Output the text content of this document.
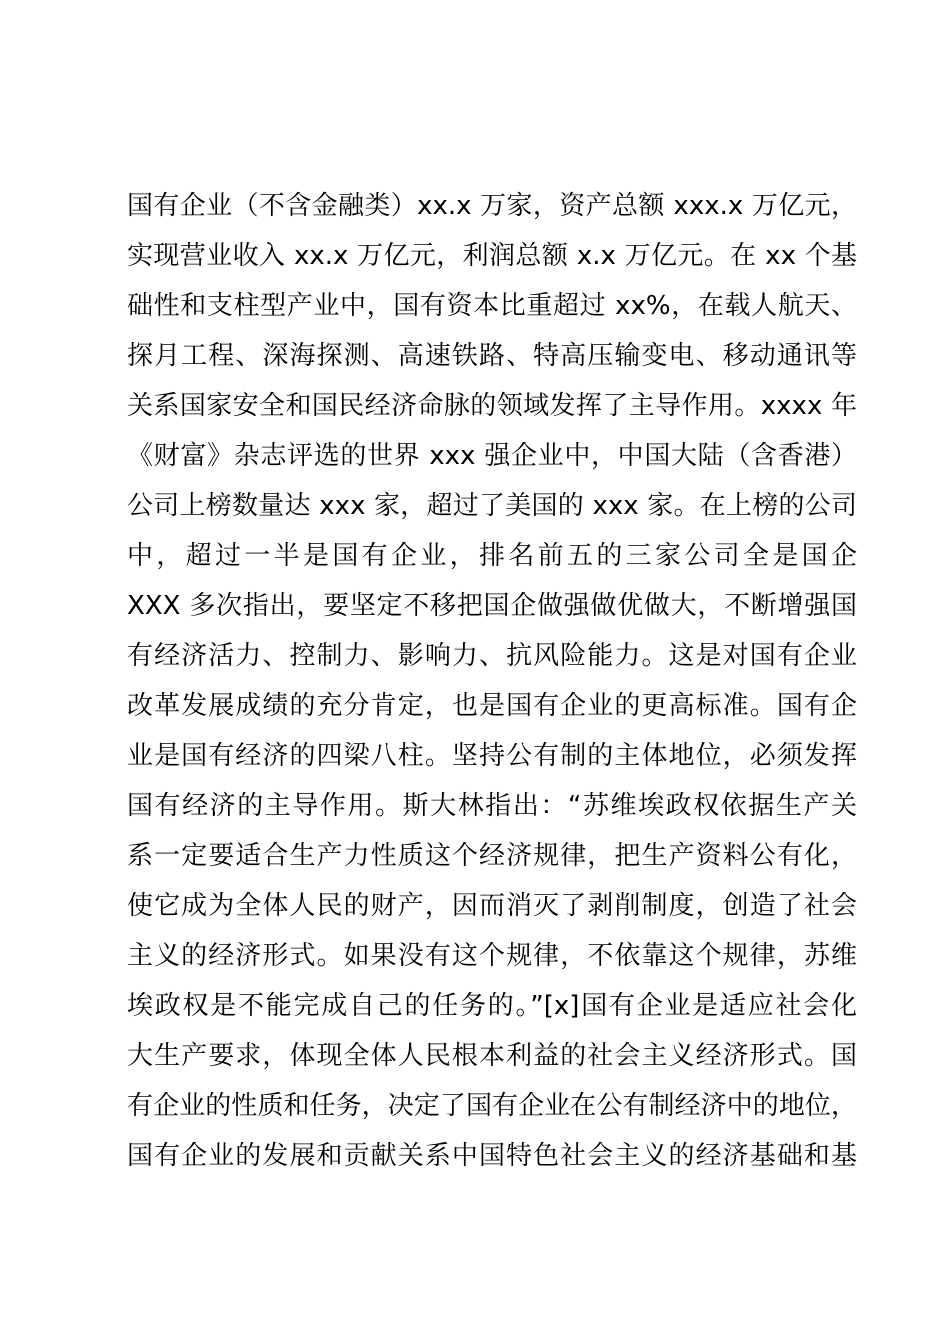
国有企业（不含金融类）xx.x 万家，资产总额 xxx.x 万亿元，
实现营业收入 xx.x 万亿元，利润总额 x.x 万亿元。在 xx 个基
础性和支柱型产业中，国有资本比重超过 xx%，在载人航天、
探月工程、深海探测、高速铁路、特高压输变电、移动通讯等
关系国家安全和国民经济命脉的领域发挥了主导作用。xxxx 年
《财富》杂志评选的世界 xxx 强企业中，中国大陆（含香港）
公司上榜数量达 xxx 家，超过了美国的 xxx 家。在上榜的公司
中，超过一半是国有企业，排名前五的三家公司全是国企
XXX 多次指出，要坚定不移把国企做强做优做大，不断增强国
有经济活力、控制力、影响力、抗风险能力。这是对国有企业
改革发展成绩的充分肯定，也是国有企业的更高标准。国有企
业是国有经济的四梁八柱。坚持公有制的主体地位，必须发挥
国有经济的主导作用。斯大林指出：“苏维埃政权依据生产关
系一定要适合生产力性质这个经济规律，把生产资料公有化，
使它成为全体人民的财产，因而消灭了剥削制度，创造了社会
主义的经济形式。如果没有这个规律，不依靠这个规律，苏维
埃政权是不能完成自己的任务的。”[x]国有企业是适应社会化
大生产要求，体现全体人民根本利益的社会主义经济形式。国
有企业的性质和任务，决定了国有企业在公有制经济中的地位，
国有企业的发展和贡献关系中国特色社会主义的经济基础和基
